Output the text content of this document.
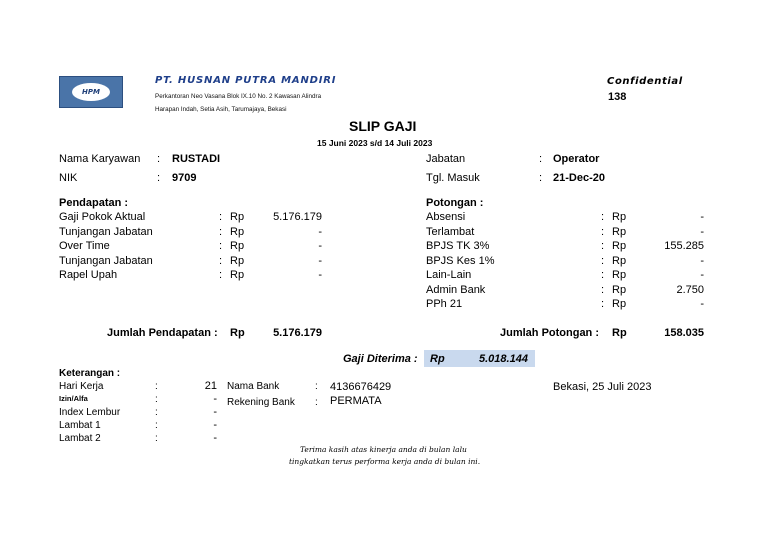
HPM
PT. HUSNAN PUTRA MANDIRI
Perkantoran Neo Vasana Blok IX.10 No. 2 Kawasan Alindra
Harapan Indah, Setia Asih, Tarumajaya, Bekasi
Confidential
138
SLIP GAJI
15 Juni 2023 s/d 14 Juli 2023
Nama Karyawan : RUSTADI
NIK	: 9709
Jabatan	: Operator
Tgl. Masuk	: 21-Dec-20
Pendapatan :
Gaji Pokok Aktual	: Rp	5.176.179
Tunjangan Jabatan	: Rp	-
Over Time	: Rp	-
Tunjangan Jabatan	: Rp	-
Rapel Upah	: Rp	-
Jumlah Pendapatan : Rp	5.176.179
Potongan :
Absensi	: Rp	-
Terlambat	: Rp	-
BPJS TK 3%	: Rp	155.285
BPJS Kes 1%	: Rp	-
Lain-Lain	: Rp	-
Admin Bank	: Rp	2.750
PPh 21	: Rp	-
Jumlah Potongan : Rp	158.035
Gaji Diterima : Rp	5.018.144
Keterangan :
Hari Kerja	:	21
Izin/Alfa	:	-
Index Lembur	:	-
Lambat 1	:	-
Lambat 2	:	-
Nama Bank	: 4136676429
Rekening Bank : PERMATA
Bekasi, 25 Juli 2023
Terima kasih atas kinerja anda di bulan lalu
tingkatkan terus performa kerja anda di bulan ini.
